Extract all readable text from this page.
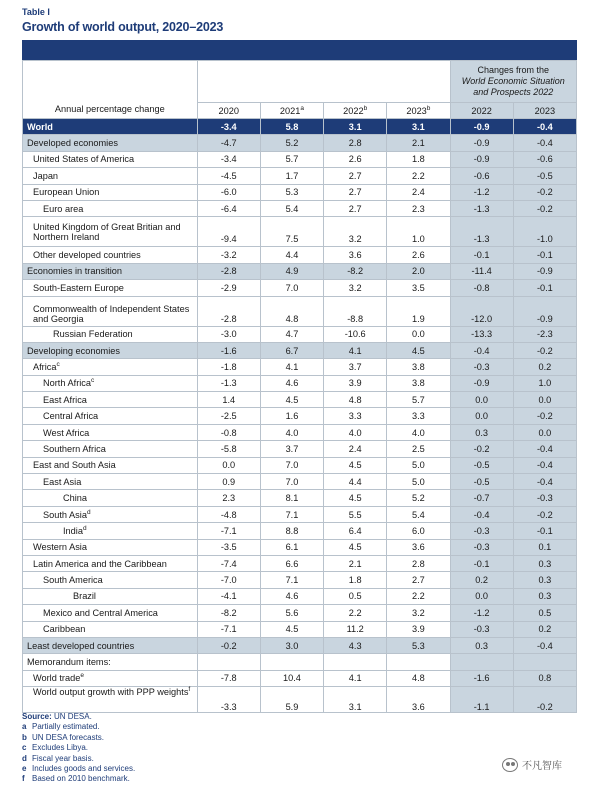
Table I
Growth of world output, 2020–2023
Annual percentage change					Changes from the
World Economic Situation
and Prospects 2022	
	2020	2021$^a$	2022$^b$	2023$^b$	2022	2023
World	-3.4	5.8	3.1	3.1	-0.9	-0.4
Developed economies	-4.7	5.2	2.8	2.1	-0.9	-0.4
United States of America	-3.4	5.7	2.6	1.8	-0.9	-0.6
Japan	-4.5	1.7	2.7	2.2	-0.6	-0.5
European Union	-6.0	5.3	2.7	2.4	-1.2	-0.2
Euro area	-6.4	5.4	2.7	2.3	-1.3	-0.2
United Kingdom of Great Britian and Northern Ireland	-9.4	7.5	3.2	1.0	-1.3	-1.0
Other developed countries	-3.2	4.4	3.6	2.6	-0.1	-0.1
Economies in transition	-2.8	4.9	-8.2	2.0	-11.4	-0.9
South-Eastern Europe	-2.9	7.0	3.2	3.5	-0.8	-0.1
Commonwealth of Independent States and Georgia	-2.8	4.8	-8.8	1.9	-12.0	-0.9
Russian Federation	-3.0	4.7	-10.6	0.0	-13.3	-2.3
Developing economies	-1.6	6.7	4.1	4.5	-0.4	-0.2
Africa$^c$	-1.8	4.1	3.7	3.8	-0.3	0.2
North Africa$^c$	-1.3	4.6	3.9	3.8	-0.9	1.0
East Africa	1.4	4.5	4.8	5.7	0.0	0.0
Central Africa	-2.5	1.6	3.3	3.3	0.0	-0.2
West Africa	-0.8	4.0	4.0	4.0	0.3	0.0
Southern Africa	-5.8	3.7	2.4	2.5	-0.2	-0.4
East and South Asia	0.0	7.0	4.5	5.0	-0.5	-0.4
East Asia	0.9	7.0	4.4	5.0	-0.5	-0.4
China	2.3	8.1	4.5	5.2	-0.7	-0.3
South Asia$^d$	-4.8	7.1	5.5	5.4	-0.4	-0.2
India$^d$	-7.1	8.8	6.4	6.0	-0.3	-0.1
Western Asia	-3.5	6.1	4.5	3.6	-0.3	0.1
Latin America and the Caribbean	-7.4	6.6	2.1	2.8	-0.1	0.3
South America	-7.0	7.1	1.8	2.7	0.2	0.3
Brazil	-4.1	4.6	0.5	2.2	0.0	0.3
Mexico and Central America	-8.2	5.6	2.2	3.2	-1.2	0.5
Caribbean	-7.1	4.5	11.2	3.9	-0.3	0.2
Least developed countries	-0.2	3.0	4.3	5.3	0.3	-0.4
Memorandum items:						
World trade$^e$	-7.8	10.4	4.1	4.8	-1.6	0.8
World output growth with PPP weights$^f$	-3.3	5.9	3.1	3.6	-1.1	-0.2
Source: UN DESA.
a Partially estimated.
b UN DESA forecasts.
c Excludes Libya.
d Fiscal year basis.
e Includes goods and services.
f Based on 2010 benchmark.
不凡智库
